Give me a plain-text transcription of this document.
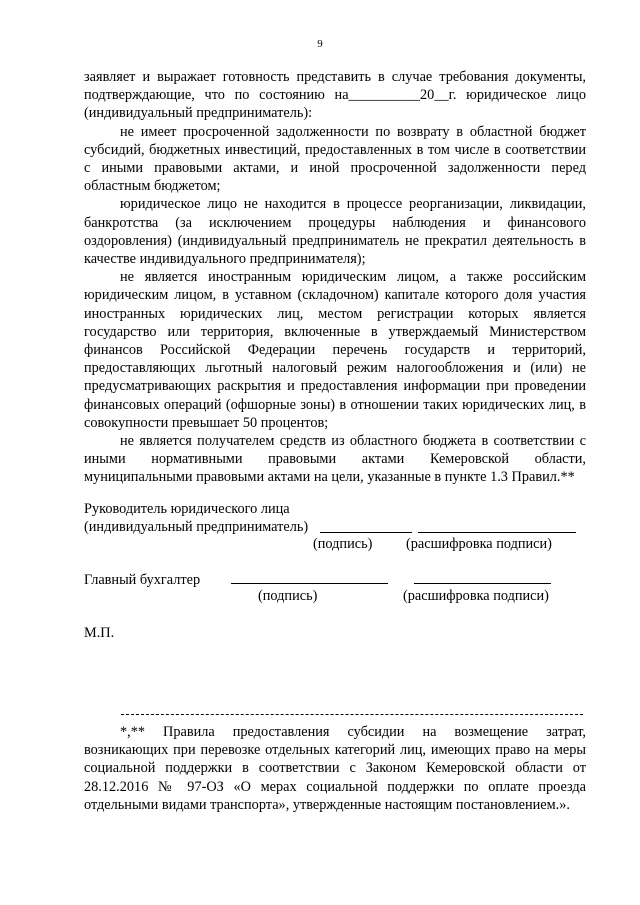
9

заявляет и выражает готовность представить в случае требования документы, подтверждающие, что по состоянию на__________20__г. юридическое лицо (индивидуальный предприниматель):

не имеет просроченной задолженности по возврату в областной бюджет субсидий, бюджетных инвестиций, предоставленных в том числе в соответствии с иными правовыми актами, и иной просроченной задолженности перед областным бюджетом;

юридическое лицо не находится в процессе реорганизации, ликвидации, банкротства (за исключением процедуры наблюдения и финансового оздоровления) (индивидуальный предприниматель не прекратил деятельность в качестве индивидуального предпринимателя);

не является иностранным юридическим лицом, а также российским юридическим лицом, в уставном (складочном) капитале которого доля участия иностранных юридических лиц, местом регистрации которых является государство или территория, включенные в утверждаемый Министерством финансов Российской Федерации перечень государств и территорий, предоставляющих льготный налоговый режим налогообложения и (или) не предусматривающих раскрытия и предоставления информации при проведении финансовых операций (офшорные зоны) в отношении таких юридических лиц, в совокупности превышает 50 процентов;

не является получателем средств из областного бюджета в соответствии с иными нормативными правовыми актами Кемеровской области, муниципальными правовыми актами на цели, указанные в пункте 1.3 Правил.**

Руководитель юридического лица
(индивидуальный предприниматель)
(подпись) (расшифровка подписи)
Главный бухгалтер
(подпись)	(расшифровка подписи)
М.П.

*,** Правила предоставления субсидии на возмещение затрат, возникающих при перевозке отдельных категорий лиц, имеющих право на меры социальной поддержки в соответствии с Законом Кемеровской области от 28.12.2016 № 97-ОЗ «О мерах социальной поддержки по оплате проезда отдельными видами транспорта», утвержденные настоящим постановлением.».
